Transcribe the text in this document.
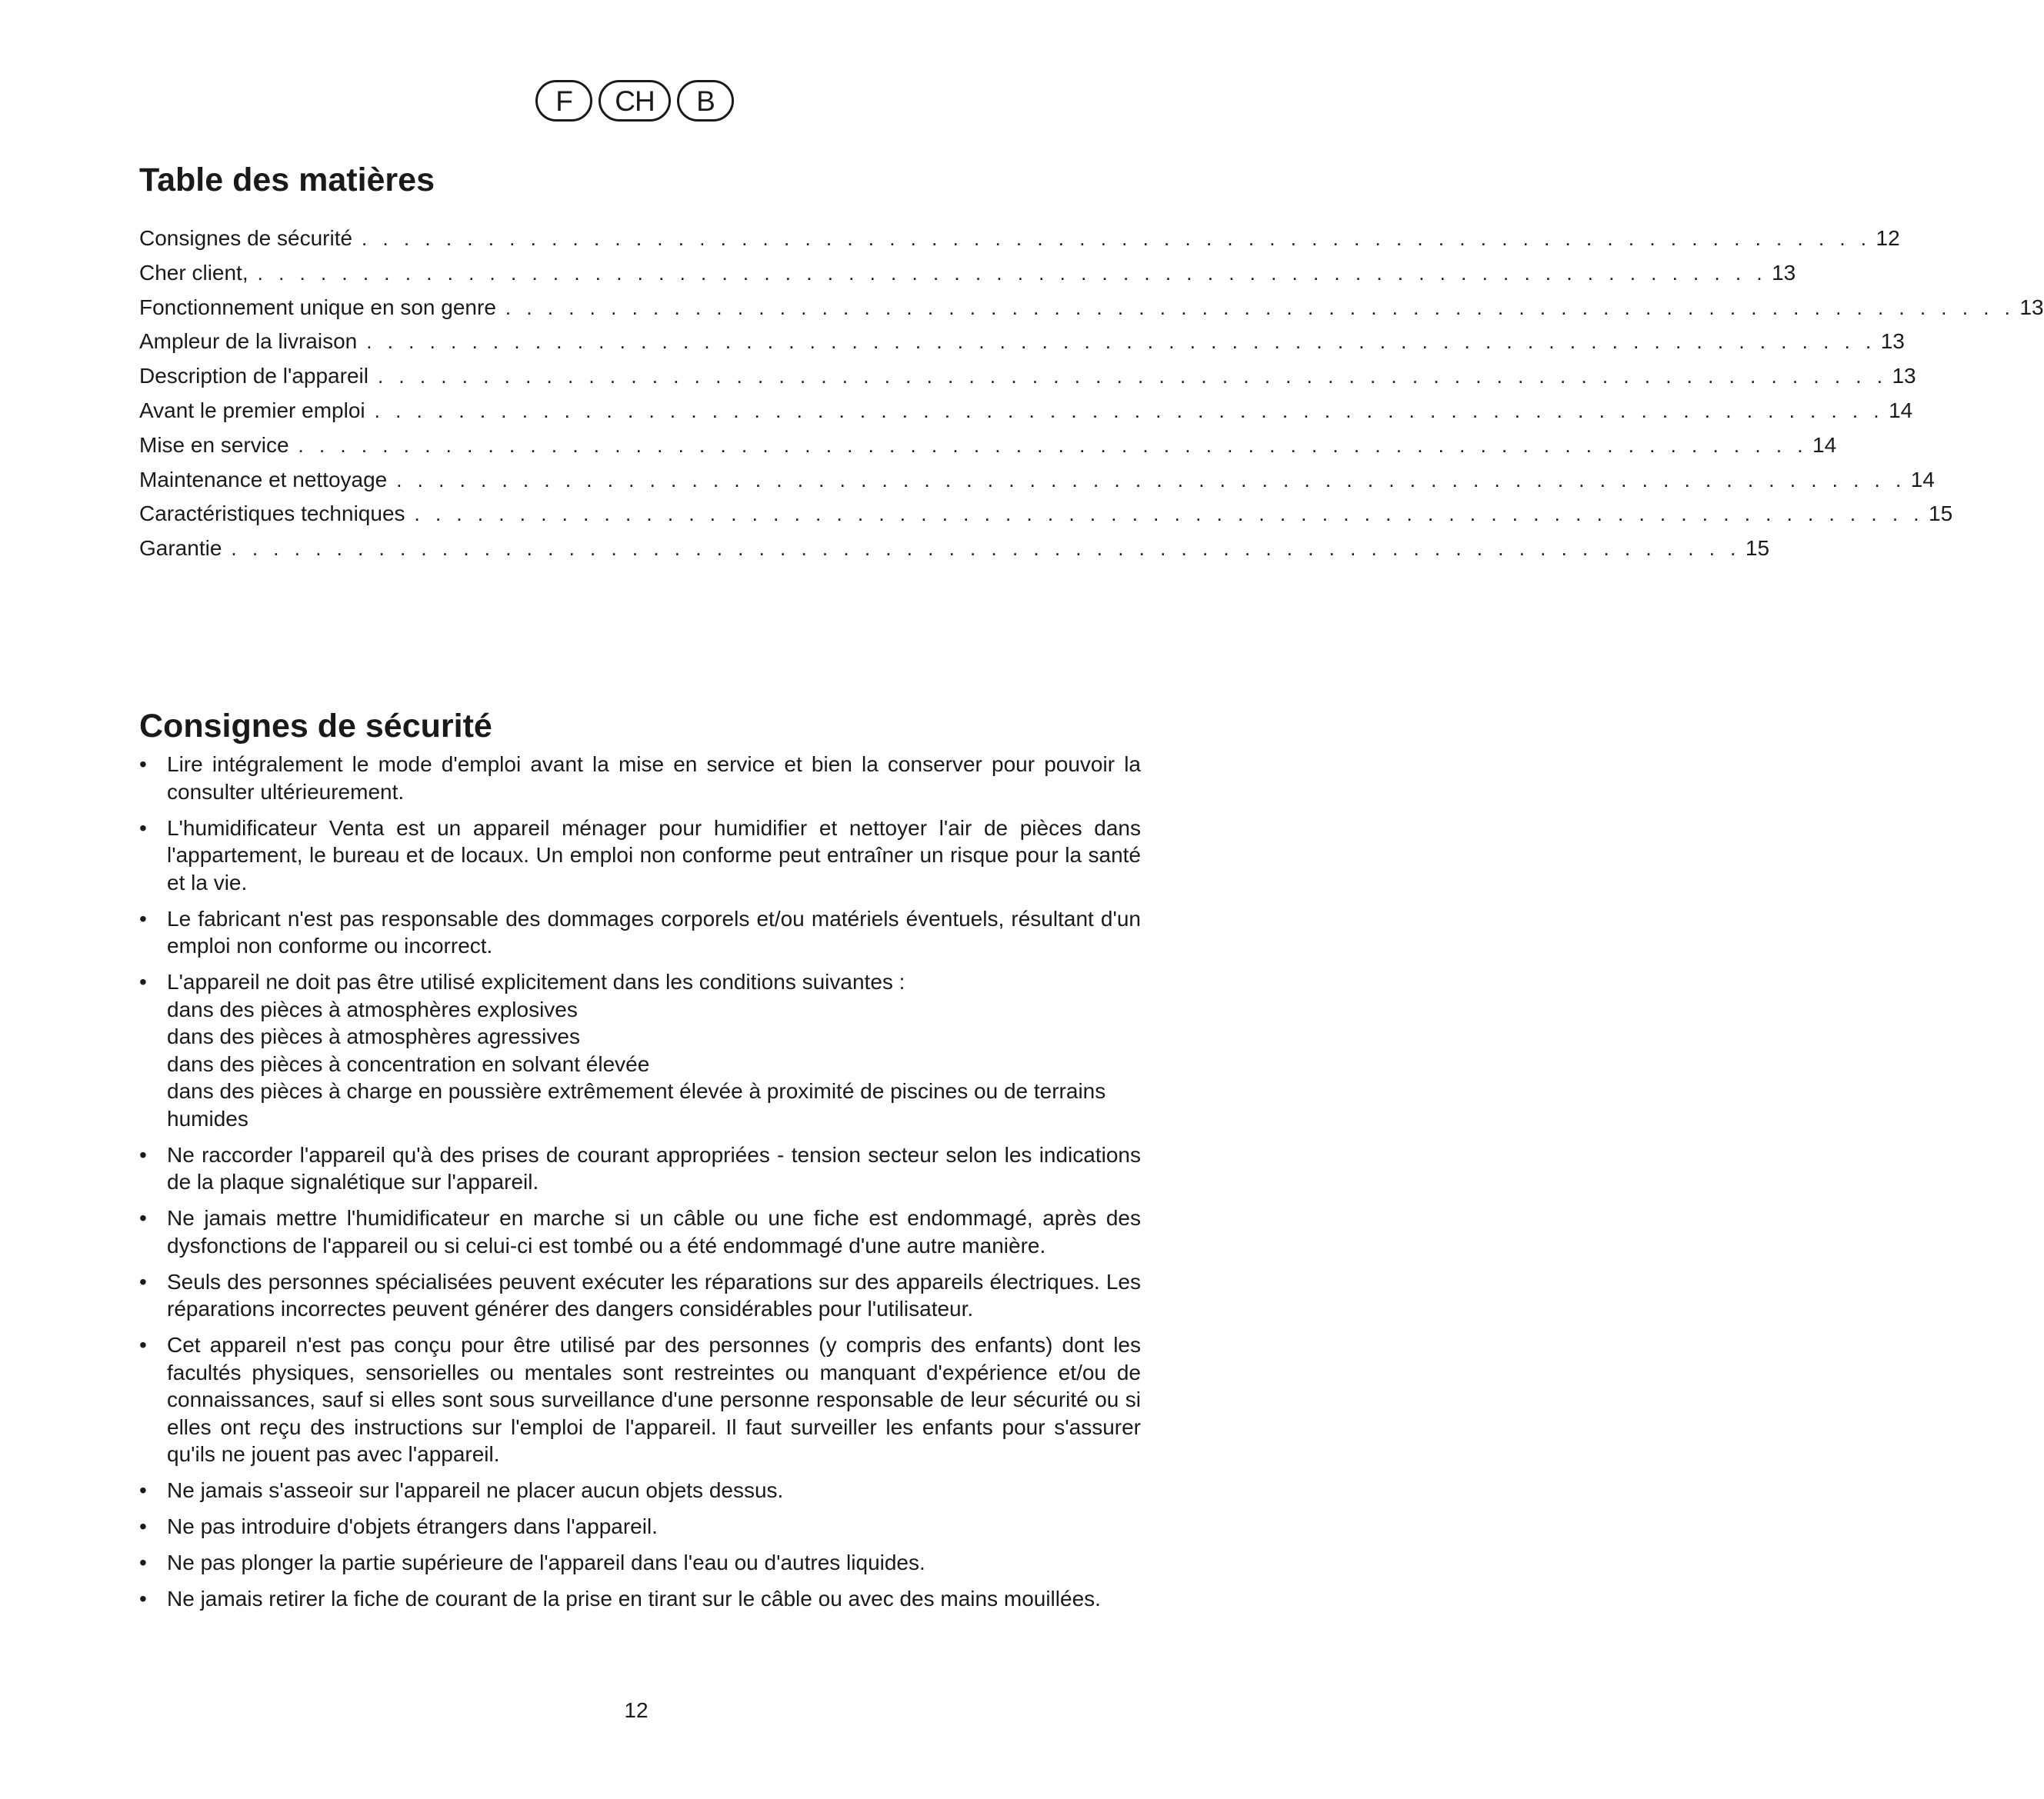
F	CH	B
Table des matières
Consignes de sécurité . . . . . . . . . . . . . . . . . . . . . . . . . . . . . . . . . . . . . . . . . . . . . . . . . . . . . . . . . . . . . . . . . . . . . . . . 12
Cher client, . . . . . . . . . . . . . . . . . . . . . . . . . . . . . . . . . . . . . . . . . . . . . . . . . . . . . . . . . . . . . . . . . . . . . . . . 13
Fonctionnement unique en son genre . . . . . . . . . . . . . . . . . . . . . . . . . . . . . . . . . . . . . . . . . . . . . . . . . . . . . . . . . . . . . . . . . . . . . . . . 13
Ampleur de la livraison . . . . . . . . . . . . . . . . . . . . . . . . . . . . . . . . . . . . . . . . . . . . . . . . . . . . . . . . . . . . . . . . . . . . . . . . 13
Description de l'appareil . . . . . . . . . . . . . . . . . . . . . . . . . . . . . . . . . . . . . . . . . . . . . . . . . . . . . . . . . . . . . . . . . . . . . . . . 13
Avant le premier emploi . . . . . . . . . . . . . . . . . . . . . . . . . . . . . . . . . . . . . . . . . . . . . . . . . . . . . . . . . . . . . . . . . . . . . . . . 14
Mise en service . . . . . . . . . . . . . . . . . . . . . . . . . . . . . . . . . . . . . . . . . . . . . . . . . . . . . . . . . . . . . . . . . . . . . . . . 14
Maintenance et nettoyage . . . . . . . . . . . . . . . . . . . . . . . . . . . . . . . . . . . . . . . . . . . . . . . . . . . . . . . . . . . . . . . . . . . . . . . . 14
Caractéristiques techniques . . . . . . . . . . . . . . . . . . . . . . . . . . . . . . . . . . . . . . . . . . . . . . . . . . . . . . . . . . . . . . . . . . . . . . . . 15
Garantie . . . . . . . . . . . . . . . . . . . . . . . . . . . . . . . . . . . . . . . . . . . . . . . . . . . . . . . . . . . . . . . . . . . . . . . . 15
Consignes de sécurité
• Lire intégralement le mode d'emploi avant la mise en service et bien la conserver pour pouvoir la consulter ultérieurement.
• L'humidificateur Venta est un appareil ménager pour humidifier et nettoyer l'air de pièces dans l'appartement, le bureau et de locaux. Un emploi non conforme peut entraîner un risque pour la santé et la vie.
• Le fabricant n'est pas responsable des dommages corporels et/ou matériels éventuels, résultant d'un emploi non conforme ou incorrect.
• L'appareil ne doit pas être utilisé explicitement dans les conditions suivantes :
dans des pièces à atmosphères explosives
dans des pièces à atmosphères agressives
dans des pièces à concentration en solvant élevée
dans des pièces à charge en poussière extrêmement élevée à proximité de piscines ou de terrains humides
• Ne raccorder l'appareil qu'à des prises de courant appropriées - tension secteur selon les indications de la plaque signalétique sur l'appareil.
• Ne jamais mettre l'humidificateur en marche si un câble ou une fiche est endommagé, après des dysfonctions de l'appareil ou si celui-ci est tombé ou a été endommagé d'une autre manière.
• Seuls des personnes spécialisées peuvent exécuter les réparations sur des appareils électriques. Les réparations incorrectes peuvent générer des dangers considérables pour l'utilisateur.
• Cet appareil n'est pas conçu pour être utilisé par des personnes (y compris des enfants) dont les facultés physiques, sensorielles ou mentales sont restreintes ou manquant d'expérience et/ou de connaissances, sauf si elles sont sous surveillance d'une personne responsable de leur sécurité ou si elles ont reçu des instructions sur l'emploi de l'appareil. Il faut surveiller les enfants pour s'assurer qu'ils ne jouent pas avec l'appareil.
• Ne jamais s'asseoir sur l'appareil ne placer aucun objets dessus.
• Ne pas introduire d'objets étrangers dans l'appareil.
• Ne pas plonger la partie supérieure de l'appareil dans l'eau ou d'autres liquides.
• Ne jamais retirer la fiche de courant de la prise en tirant sur le câble ou avec des mains mouillées.
12
